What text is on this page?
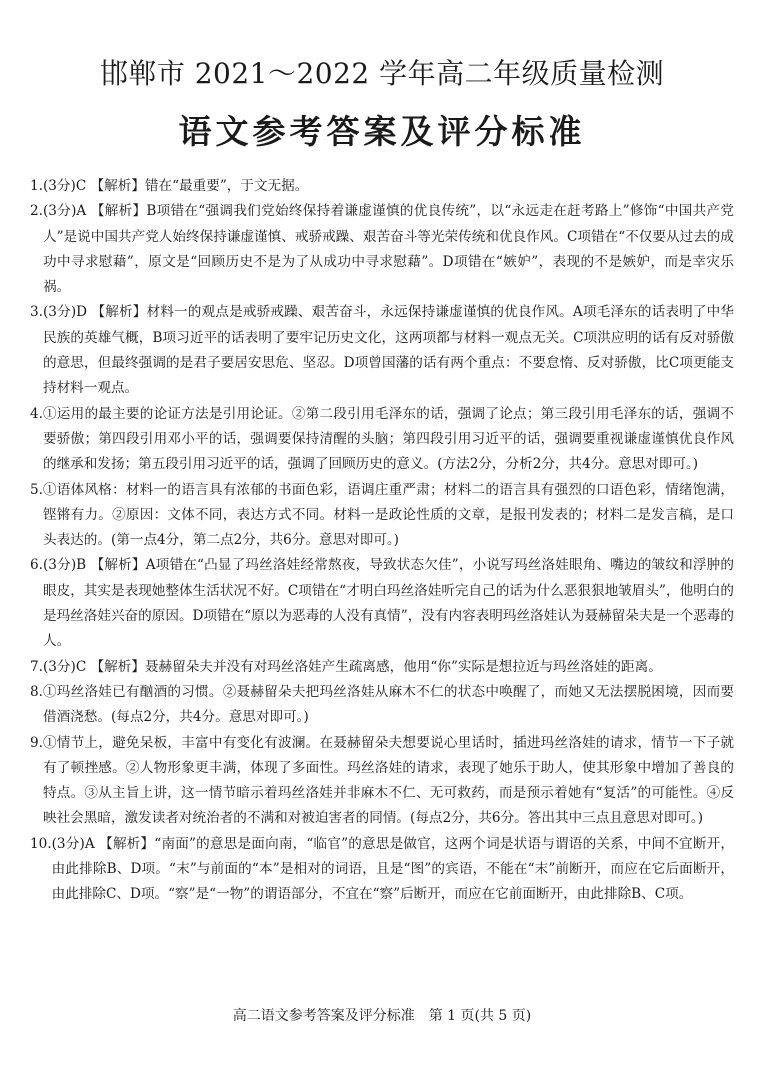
邯郸市 2021～2022 学年高二年级质量检测
语文参考答案及评分标准
1. (3分)C 【解析】错在“最重要”，于文无据。
2. (3分)A 【解析】B项错在“强调我们党始终保持着谦虚谨慎的优良传统”，以“永远走在赶考路上”修饰“中国共产党人”是说中国共产党人始终保持谦虚谨慎、戒骄戒躁、艰苦奋斗等光荣传统和优良作风。C项错在“不仅要从过去的成功中寻求慰藉”，原文是“回顾历史不是为了从成功中寻求慰藉”。D项错在“嫉妒”，表现的不是嫉妒，而是幸灾乐祸。
3. (3分)D 【解析】材料一的观点是戒骄戒躁、艰苦奋斗，永远保持谦虚谨慎的优良作风。A项毛泽东的话表明了中华民族的英雄气概，B项习近平的话表明了要牢记历史文化，这两项都与材料一观点无关。C项洪应明的话有反对骄傲的意思，但最终强调的是君子要居安思危、坚忍。D项曾国藩的话有两个重点：不要怠惰、反对骄傲，比C项更能支持材料一观点。
4. ①运用的最主要的论证方法是引用论证。②第二段引用毛泽东的话，强调了论点；第三段引用毛泽东的话，强调不要骄傲；第四段引用邓小平的话，强调要保持清醒的头脑；第四段引用习近平的话，强调要重视谦虚谨慎优良作风的继承和发扬；第五段引用习近平的话，强调了回顾历史的意义。(方法2分，分析2分，共4分。意思对即可。)
5. ①语体风格：材料一的语言具有浓郁的书面色彩，语调庄重严肃；材料二的语言具有强烈的口语色彩，情绪饱满，铿锵有力。②原因：文体不同，表达方式不同。材料一是政论性质的文章，是报刊发表的；材料二是发言稿，是口头表达的。(第一点4分，第二点2分，共6分。意思对即可。)
6. (3分)B 【解析】A项错在“凸显了玛丝洛娃经常熬夜，导致状态欠佳”，小说写玛丝洛娃眼角、嘴边的皱纹和浮肿的眼皮，其实是表现她整体生活状况不好。C项错在“才明白玛丝洛娃听完自己的话为什么恶狠狠地皱眉头”，他明白的是玛丝洛娃兴奋的原因。D项错在“原以为恶毒的人没有真情”，没有内容表明玛丝洛娃认为聂赫留朵夫是一个恶毒的人。
7. (3分)C 【解析】聂赫留朵夫并没有对玛丝洛娃产生疏离感，他用“你”实际是想拉近与玛丝洛娃的距离。
8. ①玛丝洛娃已有酗酒的习惯。②聂赫留朵夫把玛丝洛娃从麻木不仁的状态中唤醒了，而她又无法摆脱困境，因而要借酒浇愁。(每点2分，共4分。意思对即可。)
9. ①情节上，避免呆板，丰富中有变化有波澜。在聂赫留朵夫想要说心里话时，插进玛丝洛娃的请求，情节一下子就有了顿挫感。②人物形象更丰满，体现了多面性。玛丝洛娃的请求，表现了她乐于助人，使其形象中增加了善良的特点。③从主旨上讲，这一情节暗示着玛丝洛娃并非麻木不仁、无可救药，而是预示着她有“复活”的可能性。④反映社会黑暗，激发读者对统治者的不满和对被迫害者的同情。(每点2分，共6分。答出其中三点且意思对即可。)
10. (3分)A 【解析】“南面”的意思是面向南，“临官”的意思是做官，这两个词是状语与谓语的关系，中间不宜断开，由此排除B、D项。“末”与前面的“本”是相对的词语，且是“图”的宾语，不能在“末”前断开，而应在它后面断开，由此排除C、D项。“察”是“一物”的谓语部分，不宜在“察”后断开，而应在它前面断开，由此排除B、C项。
高二语文参考答案及评分标准　第 1 页(共 5 页)
